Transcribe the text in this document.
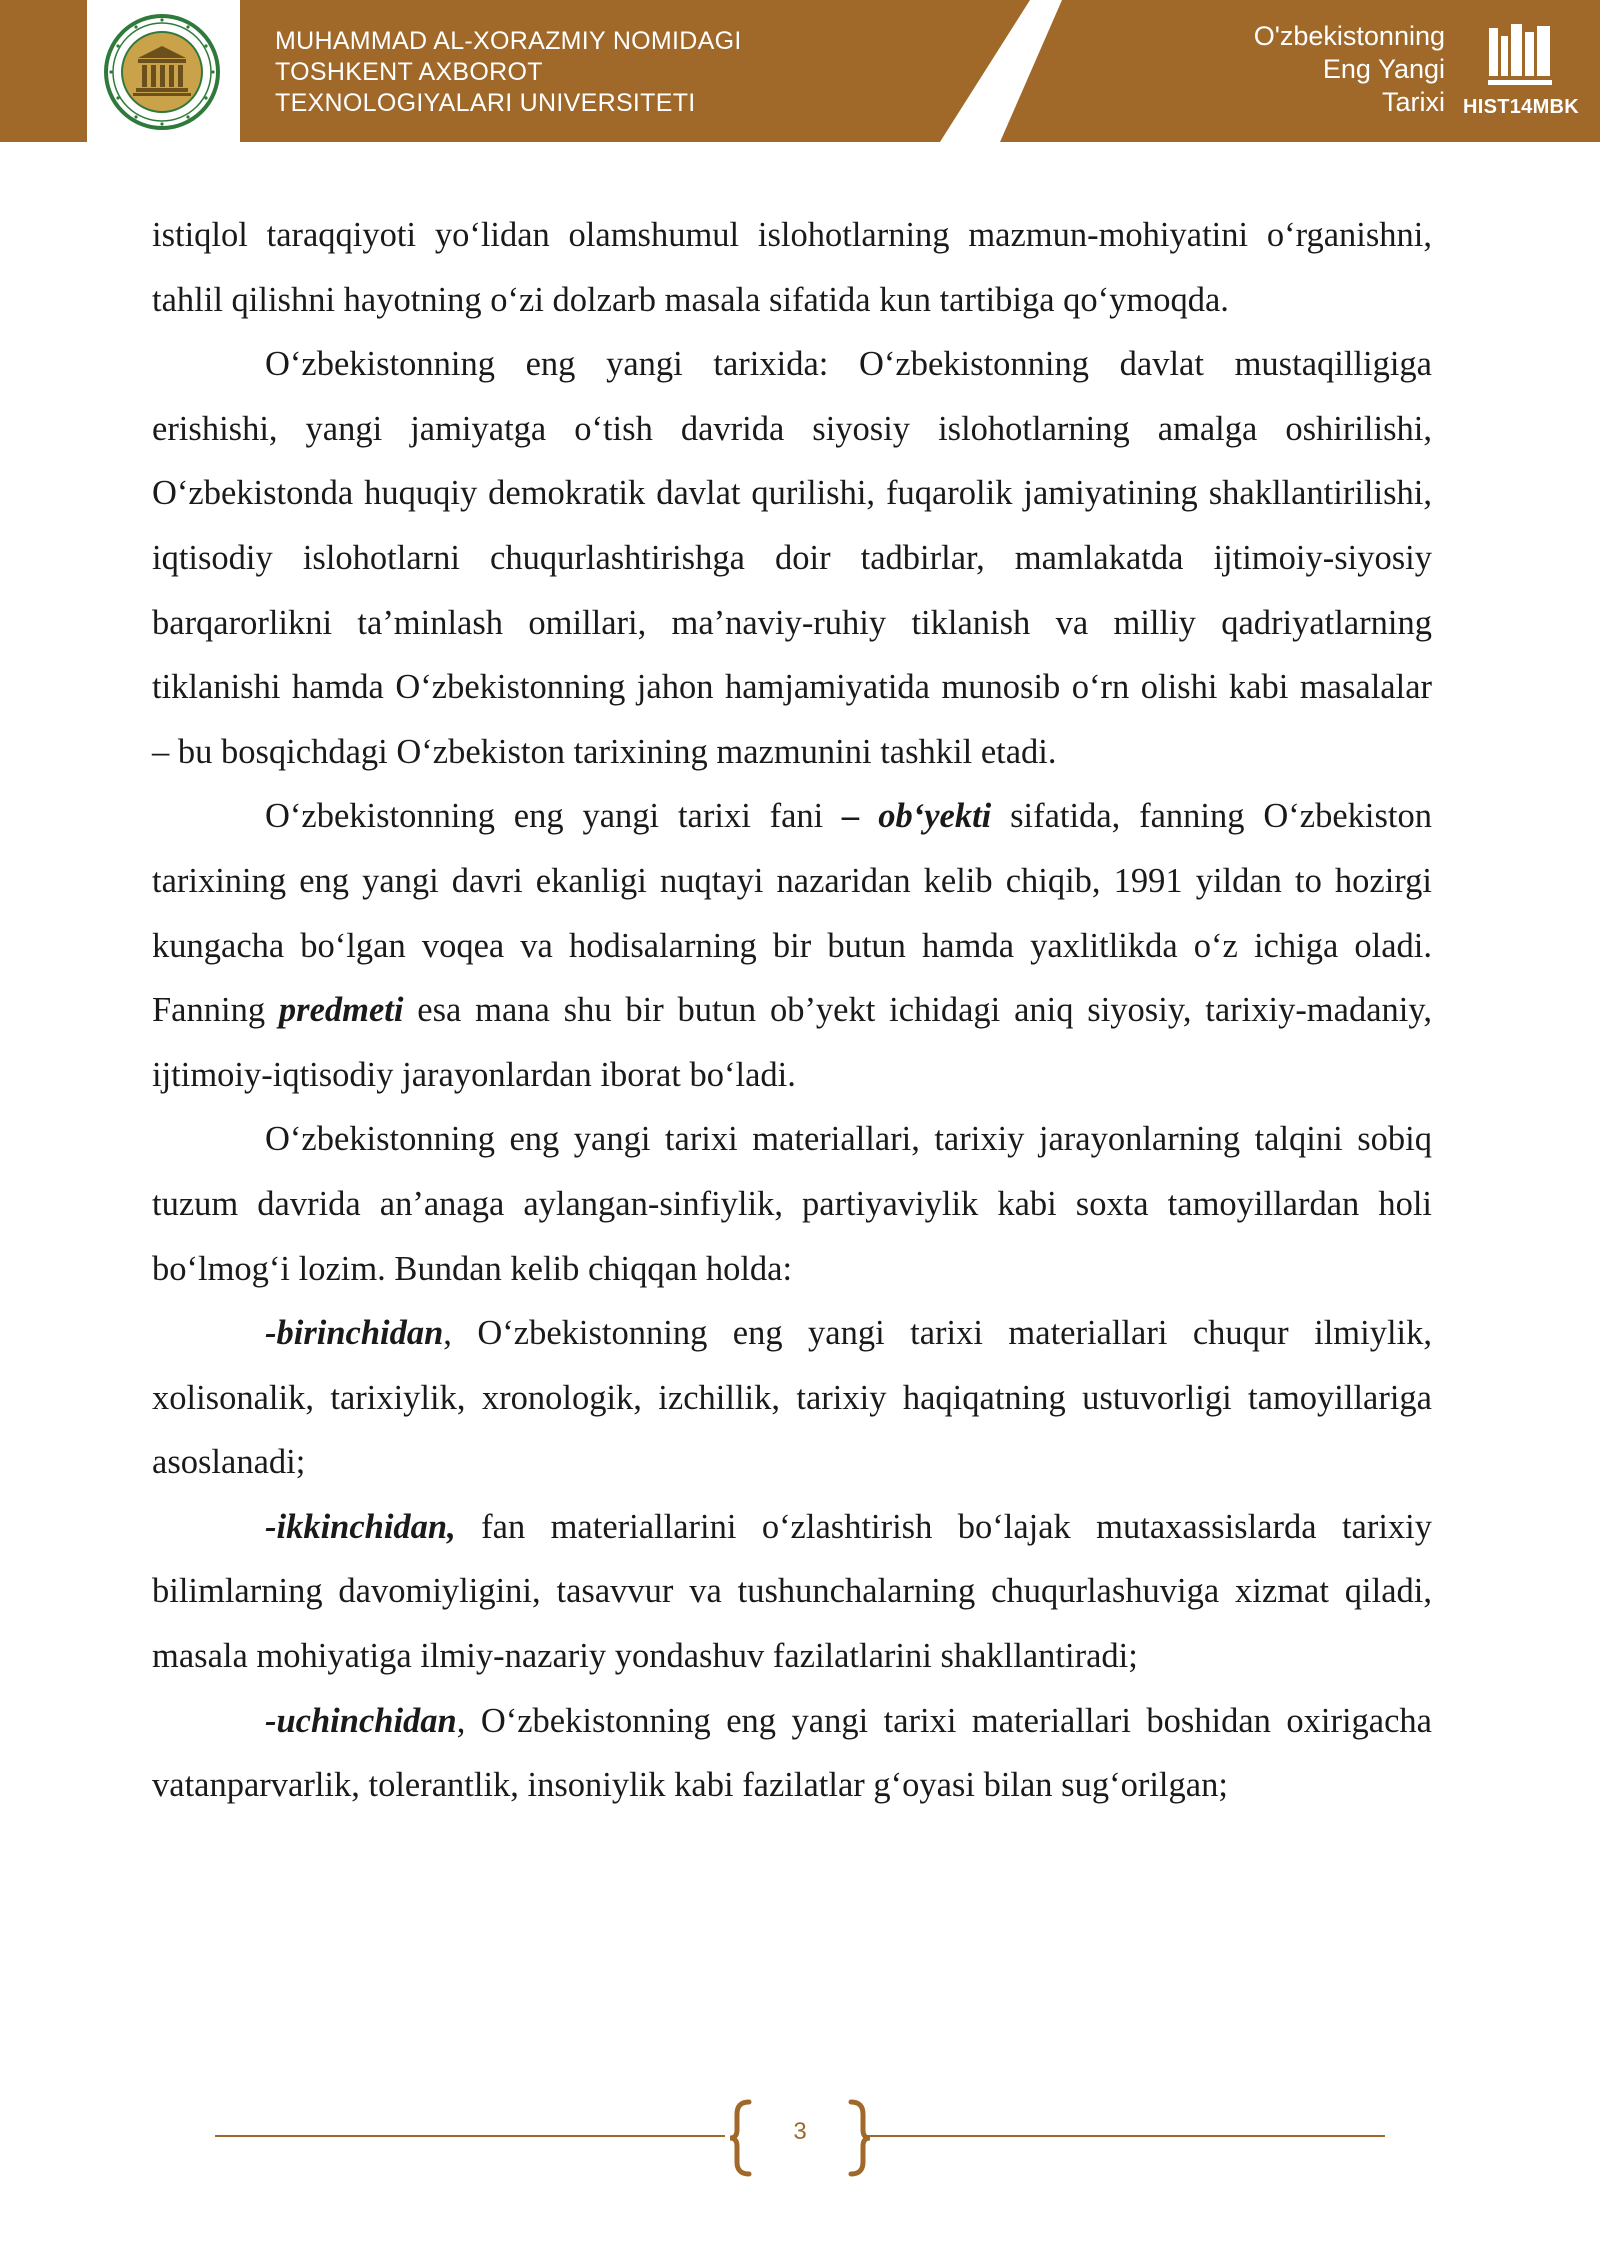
MUHAMMAD AL-XORAZMIY NOMIDAGI
TOSHKENT AXBOROT
TEXNOLOGIYALARI UNIVERSITETI
O'zbekistonning
Eng Yangi
Tarixi HIST14MBK

istiqlol taraqqiyoti yo‘lidan olamshumul islohotlarning mazmun-mohiyatini o‘rganishni, tahlil qilishni hayotning o‘zi dolzarb masala sifatida kun tartibiga qo‘ymoqda.

O‘zbekistonning eng yangi tarixida: O‘zbekistonning davlat mustaqilligiga erishishi, yangi jamiyatga o‘tish davrida siyosiy islohotlarning amalga oshirilishi, O‘zbekistonda huquqiy demokratik davlat qurilishi, fuqarolik jamiyatining shakllantirilishi, iqtisodiy islohotlarni chuqurlashtirishga doir tadbirlar, mamlakatda ijtimoiy-siyosiy barqarorlikni ta’minlash omillari, ma’naviy-ruhiy tiklanish va milliy qadriyatlarning tiklanishi hamda O‘zbekistonning jahon hamjamiyatida munosib o‘rn olishi kabi masalalar – bu bosqichdagi O‘zbekiston tarixining mazmunini tashkil etadi.

O‘zbekistonning eng yangi tarixi fani – ob‘yekti sifatida, fanning O‘zbekiston tarixining eng yangi davri ekanligi nuqtayi nazaridan kelib chiqib, 1991 yildan to hozirgi kungacha bo‘lgan voqea va hodisalarning bir butun hamda yaxlitlikda o‘z ichiga oladi. Fanning predmeti esa mana shu bir butun ob’yekt ichidagi aniq siyosiy, tarixiy-madaniy, ijtimoiy-iqtisodiy jarayonlardan iborat bo‘ladi.

O‘zbekistonning eng yangi tarixi materiallari, tarixiy jarayonlarning talqini sobiq tuzum davrida an’anaga aylangan-sinfiylik, partiyaviylik kabi soxta tamoyillardan holi bo‘lmog‘i lozim. Bundan kelib chiqqan holda:

-birinchidan, O‘zbekistonning eng yangi tarixi materiallari chuqur ilmiylik, xolisonalik, tarixiylik, xronologik, izchillik, tarixiy haqiqatning ustuvorligi tamoyillariga asoslanadi;

-ikkinchidan, fan materiallarini o‘zlashtirish bo‘lajak mutaxassislarda tarixiy bilimlarning davomiyligini, tasavvur va tushunchalarning chuqurlashuviga xizmat qiladi, masala mohiyatiga ilmiy-nazariy yondashuv fazilatlarini shakllantiradi;

-uchinchidan, O‘zbekistonning eng yangi tarixi materiallari boshidan oxirigacha vatanparvarlik, tolerantlik, insoniylik kabi fazilatlar g‘oyasi bilan sug‘orilgan;

3
